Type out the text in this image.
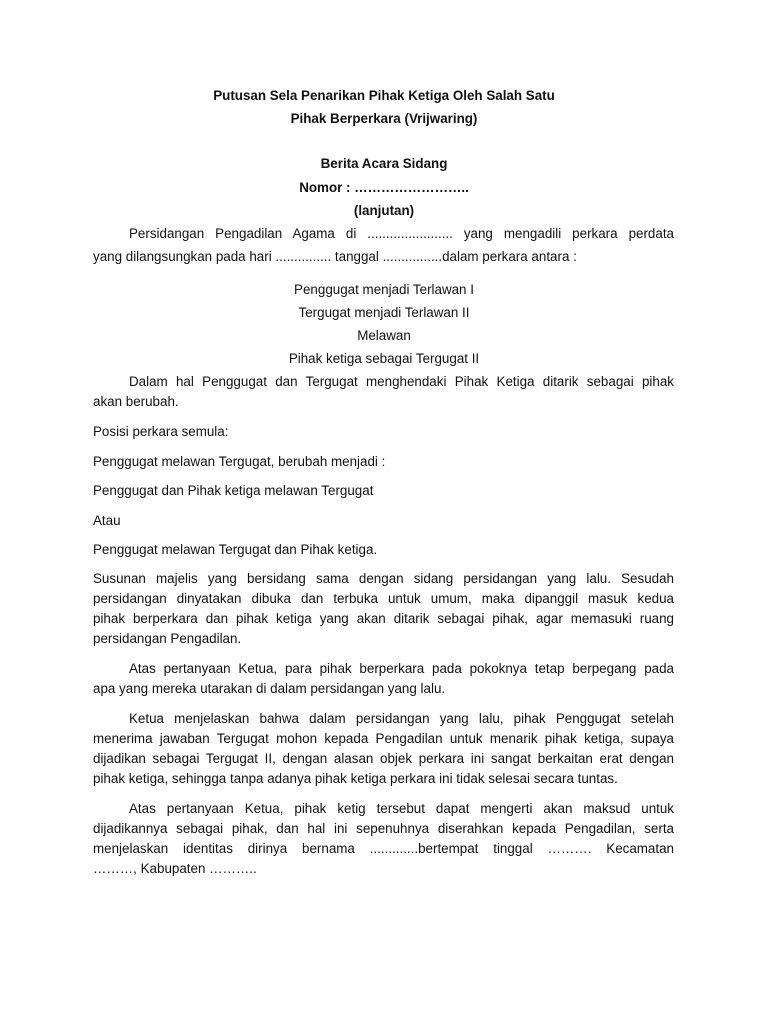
Putusan Sela Penarikan Pihak Ketiga Oleh Salah Satu
Pihak Berperkara (Vrijwaring)
Berita Acara Sidang
Nomor : ……………………..
(lanjutan)
Persidangan Pengadilan Agama di ....................... yang mengadili perkara perdata
yang dilangsungkan pada hari ............... tanggal ................dalam perkara antara :
Penggugat menjadi Terlawan I
Tergugat menjadi Terlawan II
Melawan
Pihak ketiga sebagai Tergugat II
Dalam hal Penggugat dan Tergugat menghendaki Pihak Ketiga ditarik sebagai pihak
akan berubah.
Posisi perkara semula:
Penggugat melawan Tergugat, berubah menjadi :
Penggugat dan Pihak ketiga melawan Tergugat
Atau
Penggugat melawan Tergugat dan Pihak ketiga.
Susunan majelis yang bersidang sama dengan sidang persidangan yang lalu. Sesudah
persidangan dinyatakan dibuka dan terbuka untuk umum, maka dipanggil masuk kedua
pihak berperkara dan pihak ketiga yang akan ditarik sebagai pihak, agar memasuki ruang
persidangan Pengadilan.
Atas pertanyaan Ketua, para pihak berperkara pada pokoknya tetap berpegang pada
apa yang mereka utarakan di dalam persidangan yang lalu.
Ketua menjelaskan bahwa dalam persidangan yang lalu, pihak Penggugat setelah
menerima jawaban Tergugat mohon kepada Pengadilan untuk menarik pihak ketiga, supaya
dijadikan sebagai Tergugat II, dengan alasan objek perkara ini sangat berkaitan erat dengan
pihak ketiga, sehingga tanpa adanya pihak ketiga perkara ini tidak selesai secara tuntas.
Atas pertanyaan Ketua, pihak ketig tersebut dapat mengerti akan maksud untuk
dijadikannya sebagai pihak, dan hal ini sepenuhnya diserahkan kepada Pengadilan, serta
menjelaskan identitas dirinya bernama .............bertempat tinggal ………. Kecamatan
………, Kabupaten ………..
